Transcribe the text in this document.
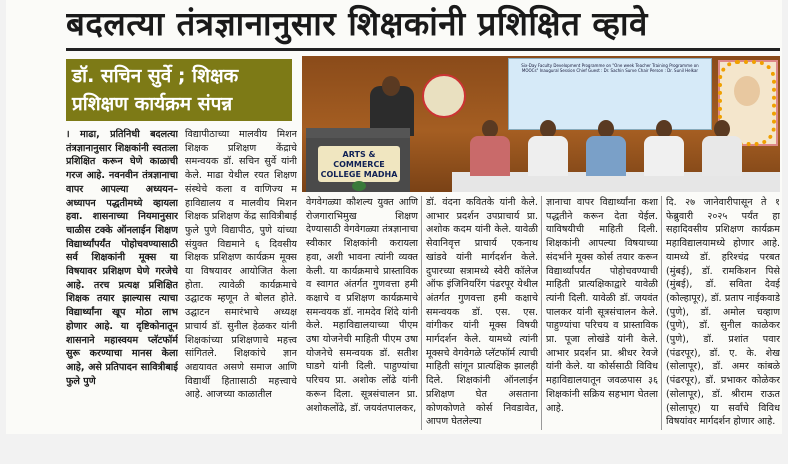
बदलत्या तंत्रज्ञानानुसार शिक्षकांनी प्रशिक्षित व्हावे
डॉ. सचिन सुर्वे ; शिक्षक प्रशिक्षण कार्यक्रम संपन्न

। माढा, प्रतिनिधी बदलत्या तंत्रज्ञानानुसार शिक्षकांनी स्वतःला प्रशिक्षित करून घेणे काळाची गरज आहे. नवनवीन तंत्रज्ञानाचा वापर आपल्या अध्ययन– अध्यापन पद्धतीमध्ये व्हायला हवा. शासनाच्या नियमानुसार चाळीस टक्के ऑनलाईन शिक्षण विद्यार्थ्यांपर्यंत पोहोचवण्यासाठी सर्व शिक्षकांनी मूक्स या विषयावर प्रशिक्षण घेणे गरजेचे आहे. तरच प्रत्यक्ष प्रशिक्षित शिक्षक तयार झाल्यास त्याचा विद्यार्थ्यांना खूप मोठा लाभ होणार आहे. या दृष्टिकोनातून शासनाने महास्वयम प्लॅटफॉर्म सुरू करण्याचा मानस केला आहे, असे प्रतिपादन सावित्रीबाई फुले पुणे

विद्यापीठाच्या मालवीय मिशन शिक्षक प्रशिक्षण केंद्राचे समन्वयक डॉ. सचिन सुर्वे यांनी केले. माढा येथील रयत शिक्षण संस्थेचे कला व वाणिज्य म हाविद्यालय व मालवीय मिशन शिक्षक प्रशिक्षण केंद्र सावित्रीबाई फुले पुणे विद्यापीठ, पुणे यांच्या संयुक्त विद्यमाने ६ दिवसीय शिक्षक प्रशिक्षण कार्यक्रम मूक्स या विषयावर आयोजित केला होता. त्यावेळी कार्यक्रमाचे उद्घाटक म्हणून ते बोलत होते. उद्घाटन समारंभाचे अध्यक्ष प्राचार्य डॉ. सुनील हेळकर यांनी शिक्षकांच्या प्रशिक्षणाचे महत्त्व सांगितले. शिक्षकांचे ज्ञान अद्ययावत असणे समाज आणि विद्यार्थी हिताासाठी महत्त्वाचे आहे. आजच्या काळातील

Six-Day Faculty Development Programme on "One week Teacher Training Programme on MOOCs" Inaugural Session Chief Guest : Dr. Sachin Surve Chair Person : Dr. Sunil Helkar
ARTS & COMMERCE COLLEGE MADHA

वेगवेगळ्या कौशल्य युक्त आणि रोजगाराभिमुख शिक्षण देण्यासाठी वेगवेगळ्या तंत्रज्ञानाचा स्वीकार शिक्षकांनी करायला हवा, अशी भावना त्यांनी व्यक्त केली. या कार्यक्रमाचे प्रास्ताविक व स्वागत अंतर्गत गुणवत्ता हमी कक्षाचे व प्रशिक्षण कार्यक्रमाचे समन्वयक डॉ. नामदेव शिंदे यांनी केले. महाविद्यालयाच्या पीएम उषा योजनेची माहिती पीएम उषा योजनेचे समन्वयक डॉ. सतीश घाडगे यांनी दिली. पाहुण्यांचा परिचय प्रा. अशोक लोंढे यांनी करून दिला. सूत्रसंचालन प्रा. अशोकलोंढे, डॉ. जयवंतपालकर,

डॉ. वंदना कवितके यांनी केले. आभार प्रदर्शन उपप्राचार्य प्रा. अशोक कदम यांनी केले. यावेळी सेवानिवृत्त प्राचार्य एकनाथ खांडवे यांनी मार्गदर्शन केले. दुपारच्या सत्रामध्ये स्वेरी कॉलेज ऑफ इंजिनियरिंग पंढरपूर येथील अंतर्गत गुणवत्ता हमी कक्षाचे समन्वयक डॉ. एस. एस. वांगीकर यांनी मूक्स विषयी मार्गदर्शन केले. यामध्ये त्यांनी मूक्सचे वेगवेगळे प्लॅटफॉर्म त्याची माहिती सांगून प्रात्यक्षिक झालही दिले. शिक्षकांनी ऑनलाईन प्रशिक्षण घेत असताना कोणकोणते कोर्स निवडावेत, आपण घेतलेल्या

ज्ञानाचा वापर विद्यार्थ्यांना कशा पद्धतीने करून देता येईल. याविषयीची माहिती दिली. शिक्षकांनी आपल्या विषयाच्या संदर्भाने मूक्स कोर्स तयार करून विद्यार्थ्यांपर्यंत पोहोचवण्याची माहिती प्रात्यक्षिकाद्वारे यावेळी त्यांनी दिली. यावेळी डॉ. जयवंत पालकर यांनी सूत्रसंचालन केले. पाहुण्यांचा परिचय व प्रास्ताविक प्रा. पूजा लोखंडे यांनी केले. आभार प्रदर्शन प्रा. श्रीधर रेवजे यांनी केले. या कोर्ससाठी विविध महाविद्यालयातून जवळपास ३६ शिक्षकांनी सक्रिय सहभाग घेतला आहे.

दि. २७ जानेवारीपासून ते १ फेब्रुवारी २०२५ पर्यंत हा सहादिवसीय प्रशिक्षण कार्यक्रम महाविद्यालयामध्ये होणार आहे. यामध्ये डॉ. हरिश्चंद्र परबत (मुंबई), डॉ. रामकिशन पिसे (मुंबई), डॉ. सविता देवई (कोल्हापूर), डॉ. प्रताप नाईकवाडे (पुणे), डॉ. अमोल चव्हाण (पुणे), डॉ. सुनील काळेकर (पुणे), डॉ. प्रशांत पवार (पंढरपूर), डॉ. ए. के. शेख (सोलापूर), डॉ. अमर कांबळे (पंढरपूर), डॉ. प्रभाकर कोळेकर (सोलापूर), डॉ. श्रीराम राऊत (सोलापूर) या सर्वांचे विविध विषयांवर मार्गदर्शन होणार आहे.
